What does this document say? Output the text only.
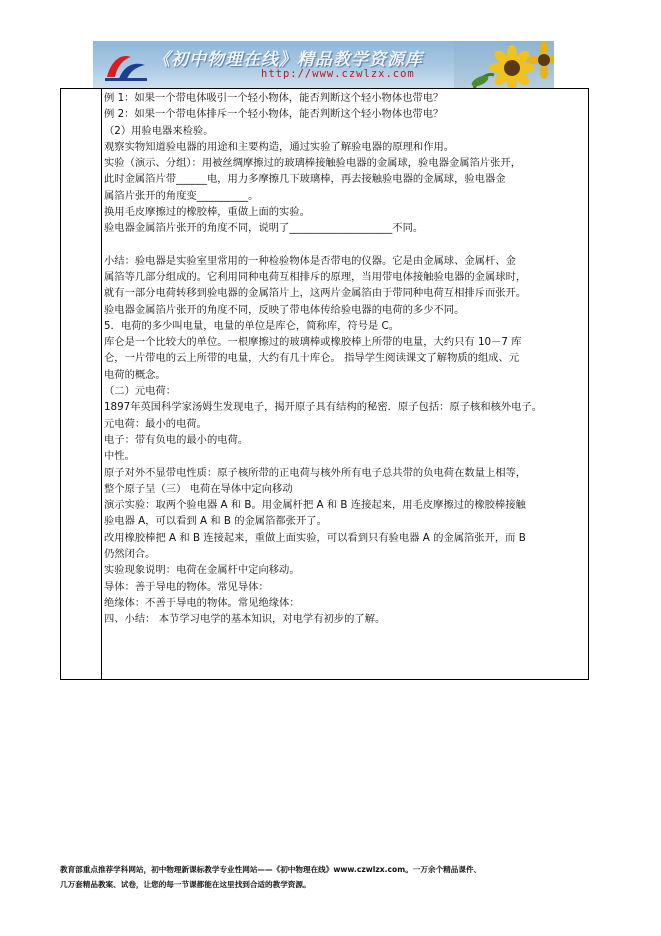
《初中物理在线》精品教学资源库
http://www.czwlzx.com

例 1：如果一个带电体吸引一个轻小物体，能否判断这个轻小物体也带电？

例 2：如果一个带电体排斥一个轻小物体，能否判断这个轻小物体也带电？

（2）用验电器来检验。

观察实物知道验电器的用途和主要构造，通过实验了解验电器的原理和作用。

实验（演示、分组）：用被丝绸摩擦过的玻璃棒接触验电器的金属球，验电器金属箔片张开，

此时金属箔片带______电，用力多摩擦几下玻璃棒，再去接触验电器的金属球，验电器金

属箔片张开的角度变__________。

换用毛皮摩擦过的橡胶棒，重做上面的实验。

验电器金属箔片张开的角度不同，说明了____________________不同。

小结：验电器是实验室里常用的一种检验物体是否带电的仪器。它是由金属球、金属杆、金

属箔等几部分组成的。它利用同种电荷互相排斥的原理，当用带电体接触验电器的金属球时，

就有一部分电荷转移到验电器的金属箔片上，这两片金属箔由于带同种电荷互相排斥而张开。

验电器金属箔片张开的角度不同，反映了带电体传给验电器的电荷的多少不同。

5．电荷的多少叫电量，电量的单位是库仑，简称库，符号是 C。

库仑是一个比较大的单位。一根摩擦过的玻璃棒或橡胶棒上所带的电量，大约只有 10－7 库

仑，一片带电的云上所带的电量，大约有几十库仑。 指导学生阅读课文了解物质的组成、元

电荷的概念。

（二）元电荷：

1897年英国科学家汤姆生发现电子，揭开原子具有结构的秘密．原子包括：原子核和核外电子。

元电荷：最小的电荷。

电子：带有负电的最小的电荷。

中性。

原子对外不显带电性质：原子核所带的正电荷与核外所有电子总共带的负电荷在数量上相等，

整个原子呈（三） 电荷在导体中定向移动

演示实验：取两个验电器 A 和 B。用金属杆把 A 和 B 连接起来，用毛皮摩擦过的橡胶棒接触

验电器 A，可以看到 A 和 B 的金属箔都张开了。

改用橡胶棒把 A 和 B 连接起来，重做上面实验，可以看到只有验电器 A 的金属箔张开，而 B

仍然闭合。

实验现象说明：电荷在金属杆中定向移动。

导体：善于导电的物体。常见导体：

绝缘体：不善于导电的物体。常见绝缘体：

四、小结： 本节学习电学的基本知识，对电学有初步的了解。

教育部重点推荐学科网站，初中物理新课标教学专业性网站——《初中物理在线》www.czwlzx.com。一万余个精品课件、

几万套精品教案、试卷，让您的每一节课都能在这里找到合适的教学资源。
